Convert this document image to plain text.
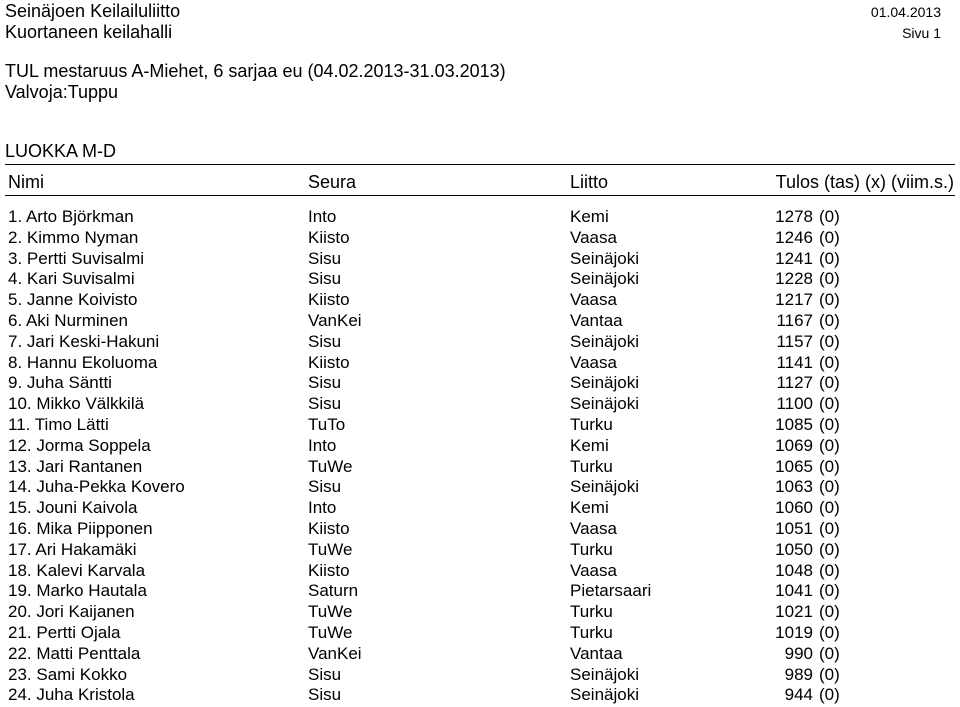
Seinäjoen Keilailuliitto	01.04.2013
Kuortaneen keilahalli	Sivu 1
TUL mestaruus A-Miehet, 6 sarjaa eu (04.02.2013-31.03.2013)
Valvoja:Tuppu
LUOKKA M-D
Nimi	Seura	Liitto	Tulos (tas) (x) (viim.s.)
1. Arto Björkman	Into	Kemi	1278 (0)
2. Kimmo Nyman	Kiisto	Vaasa	1246 (0)
3. Pertti Suvisalmi	Sisu	Seinäjoki	1241 (0)
4. Kari Suvisalmi	Sisu	Seinäjoki	1228 (0)
5. Janne Koivisto	Kiisto	Vaasa	1217 (0)
6. Aki Nurminen	VanKei	Vantaa	1167 (0)
7. Jari Keski-Hakuni	Sisu	Seinäjoki	1157 (0)
8. Hannu Ekoluoma	Kiisto	Vaasa	1141 (0)
9. Juha Säntti	Sisu	Seinäjoki	1127 (0)
10. Mikko Välkkilä	Sisu	Seinäjoki	1100 (0)
11. Timo Lätti	TuTo	Turku	1085 (0)
12. Jorma Soppela	Into	Kemi	1069 (0)
13. Jari Rantanen	TuWe	Turku	1065 (0)
14. Juha-Pekka Kovero	Sisu	Seinäjoki	1063 (0)
15. Jouni Kaivola	Into	Kemi	1060 (0)
16. Mika Piipponen	Kiisto	Vaasa	1051 (0)
17. Ari Hakamäki	TuWe	Turku	1050 (0)
18. Kalevi Karvala	Kiisto	Vaasa	1048 (0)
19. Marko Hautala	Saturn	Pietarsaari	1041 (0)
20. Jori Kaijanen	TuWe	Turku	1021 (0)
21. Pertti Ojala	TuWe	Turku	1019 (0)
22. Matti Penttala	VanKei	Vantaa	990 (0)
23. Sami Kokko	Sisu	Seinäjoki	989 (0)
24. Juha Kristola	Sisu	Seinäjoki	944 (0)
